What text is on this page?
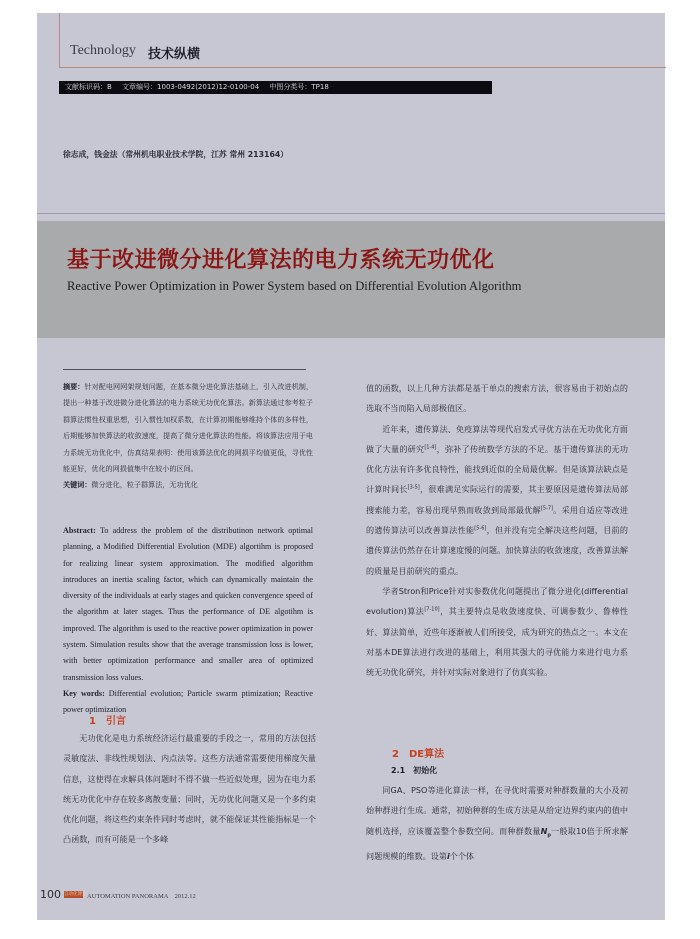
Technology 技术纵横
文献标识码：B 文章编号：1003-0492(2012)12-0100-04 中图分类号：TP18
徐志成，钱金法（常州机电职业技术学院，江苏 常州 213164）
基于改进微分进化算法的电力系统无功优化
Reactive Power Optimization in Power System based on Differential Evolution Algorithm
摘要：针对配电网网架规划问题，在基本微分进化算法基础上，引入改进机制，提出一种基于改进微分进化算法的电力系统无功优化算法。新算法通过参考粒子群算法惯性权重思想，引入惯性加权系数，在计算初期能够维持个体的多样性，后期能够加快算法的收敛速度，提高了微分进化算法的性能。将该算法应用于电力系统无功优化中，仿真结果表明：使用该算法优化的网损平均值更低，寻优性能更好，优化的网损值集中在较小的区间。
关键词：微分进化，粒子群算法，无功优化
Abstract: To address the problem of the distributinon network optimal planning, a Modified Differential Evolution (MDE) algortihm is proposed for realizing linear system approximation. The modified algorithm introduces an inertia scaling factor, which can dynamically maintain the diversity of the individuals at early stages and quicken convergence speed of the algorithm at later stages. Thus the performance of DE algotihm is improved. The algorithm is used to the reactive power optimization in power system. Simulation results show that the average transmission loss is lower, with better optimization performance and smaller area of optimized transmission loss values.
Key words: Differential evolution; Particle swarm ptimization; Reactive power optimization
1　引言

无功优化是电力系统经济运行最重要的手段之一，常用的方法包括灵敏度法、非线性规划法、内点法等。这些方法通常需要使用梯度矢量信息，这使得在求解具体问题时不得不做一些近似处理，因为在电力系统无功优化中存在较多离散变量；同时，无功优化问题又是一个多约束优化问题，将这些约束条件同时考虑时，就不能保证其性能指标是一个凸函数，而有可能是一个多峰

值的函数，以上几种方法都是基于单点的搜索方法，很容易由于初始点的选取不当而陷入局部极值区。

近年来，遗传算法、免疫算法等现代启发式寻优方法在无功优化方面做了大量的研究[1-4]，弥补了传统数学方法的不足。基于遗传算法的无功优化方法有许多优良特性，能找到近似的全局最优解。但是该算法缺点是计算时间长[3-5]，很难满足实际运行的需要，其主要原因是遗传算法局部搜索能力差，容易出现早熟而收敛到局部最优解[5-7]。采用自适应等改进的遗传算法可以改善算法性能[5-6]，但并没有完全解决这些问题，目前的遗传算法仍然存在计算速度慢的问题。加快算法的收敛速度，改善算法解的质量是目前研究的重点。

学者Stron和Price针对实参数优化问题提出了微分进化(differential evolution)算法[7-10]，其主要特点是收敛速度快、可调参数少、鲁棒性好、算法简单，近些年逐渐被人们所接受，成为研究的热点之一。本文在对基本DE算法进行改进的基础上，利用其强大的寻优能力来进行电力系统无功优化研究，并针对实际对象进行了仿真实验。

2　DE算法
2.1　初始化

同GA、PSO等进化算法一样，在寻优时需要对种群数量的大小及初始种群进行生成。通常，初始种群的生成方法是从给定边界约束内的值中随机选择，应该覆盖整个参数空间。而种群数量$N_p$一般取10倍于所求解问题规模的维数。设第i个个体

100 自动化博览 AUTOMATION PANORAMA　2012.12
